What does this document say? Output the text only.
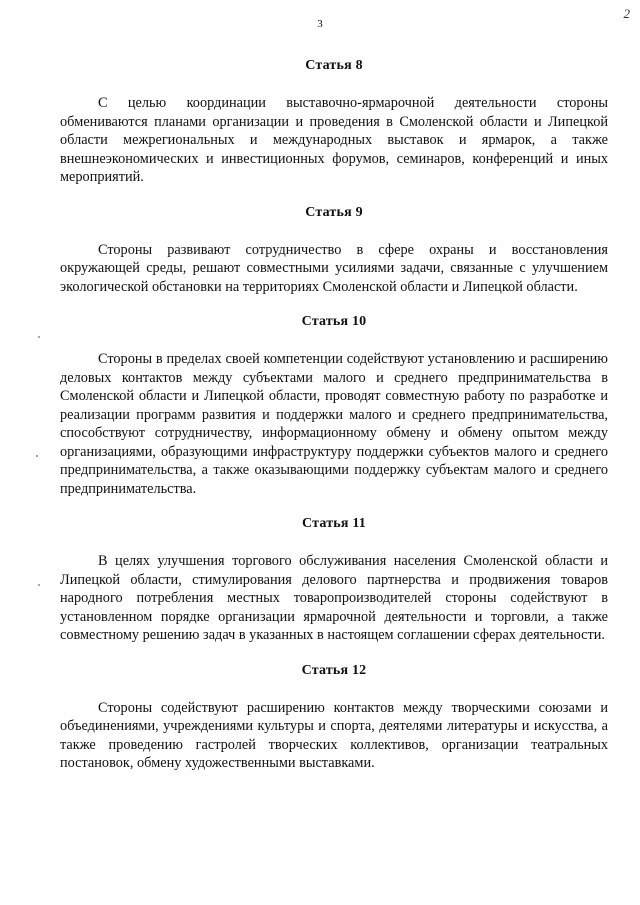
3
2
Статья 8

С целью координации выставочно-ярмарочной деятельности стороны обмениваются планами организации и проведения в Смоленской области и Липецкой области межрегиональных и международных выставок и ярмарок, а также внешнеэкономических и инвестиционных форумов, семинаров, конференций и иных мероприятий.

Статья 9

Стороны развивают сотрудничество в сфере охраны и восстановления окружающей среды, решают совместными усилиями задачи, связанные с улучшением экологической обстановки на территориях Смоленской области и Липецкой области.

Статья 10

Стороны в пределах своей компетенции содействуют установлению и расширению деловых контактов между субъектами малого и среднего предпринимательства в Смоленской области и Липецкой области, проводят совместную работу по разработке и реализации программ развития и поддержки малого и среднего предпринимательства, способствуют сотрудничеству, информационному обмену и обмену опытом между организациями, образующими инфраструктуру поддержки субъектов малого и среднего предпринимательства, а также оказывающими поддержку субъектам малого и среднего предпринимательства.

Статья 11

В целях улучшения торгового обслуживания населения Смоленской области и Липецкой области, стимулирования делового партнерства и продвижения товаров народного потребления местных товаропроизводителей стороны содействуют в установленном порядке организации ярмарочной деятельности и торговли, а также совместному решению задач в указанных в настоящем соглашении сферах деятельности.

Статья 12

Стороны содействуют расширению контактов между творческими союзами и объединениями, учреждениями культуры и спорта, деятелями литературы и искусства, а также проведению гастролей творческих коллективов, организации театральных постановок, обмену художественными выставками.
